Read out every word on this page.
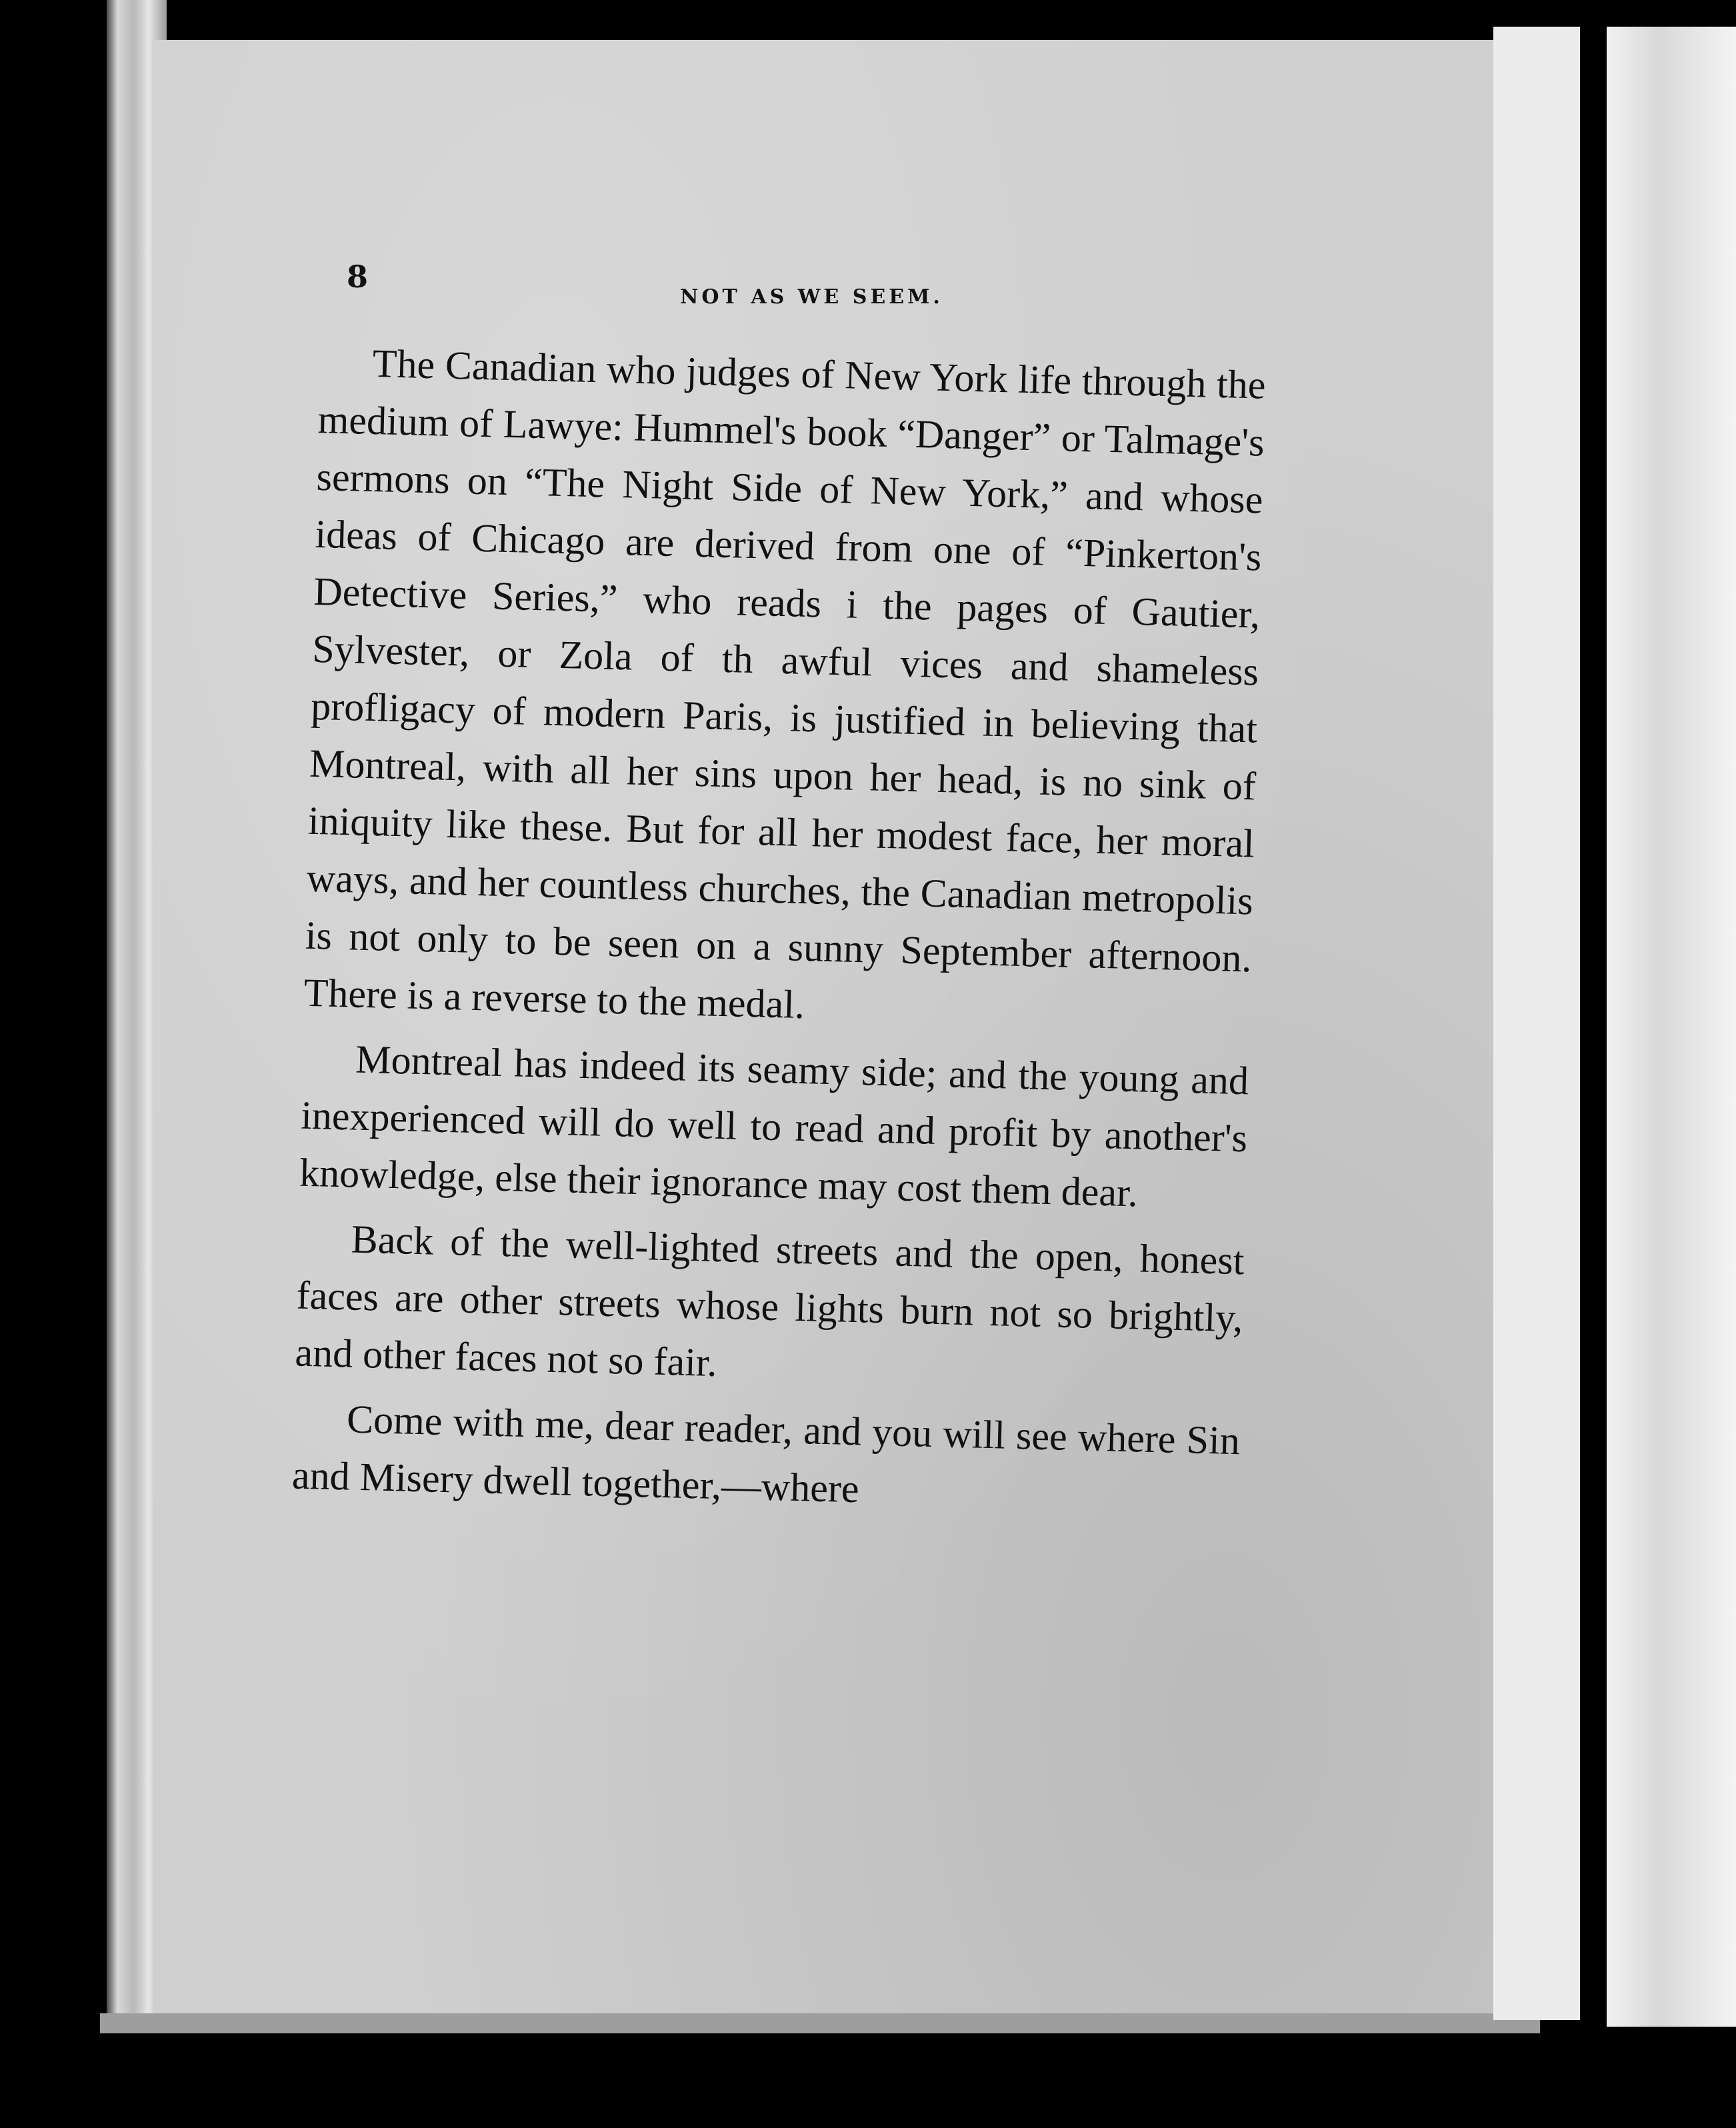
8
NOT AS WE SEEM.

The Canadian who judges of New York life through the medium of Lawye: Hummel's book “Danger” or Talmage's sermons on “The Night Side of New York,” and whose ideas of Chicago are derived from one of “Pinkerton's Detective Series,” who reads i the pages of Gautier, Sylvester, or Zola of th awful vices and shameless profligacy of modern Paris, is justified in believing that Montreal, with all her sins upon her head, is no sink of iniquity like these. But for all her modest face, her moral ways, and her countless churches, the Canadian metropolis is not only to be seen on a sunny September afternoon. There is a reverse to the medal.

Montreal has indeed its seamy side; and the young and inexperienced will do well to read and profit by another's knowledge, else their ignorance may cost them dear.

Back of the well-lighted streets and the open, honest faces are other streets whose lights burn not so brightly, and other faces not so fair.

Come with me, dear reader, and you will see where Sin and Misery dwell together,—where
